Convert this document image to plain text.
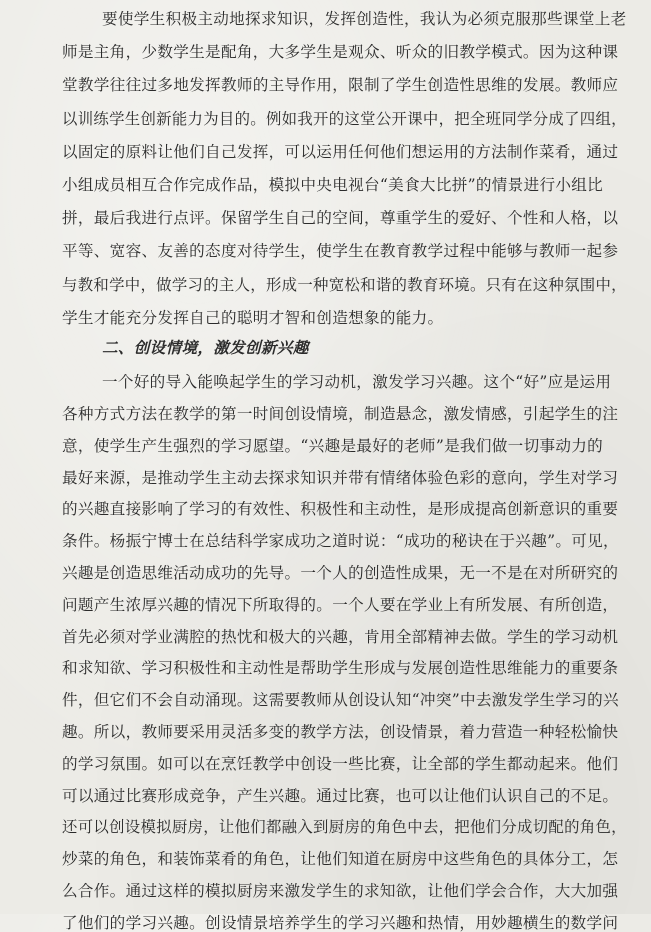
要使学生积极主动地探求知识，发挥创造性，我认为必须克服那些课堂上老
师是主角，少数学生是配角，大多学生是观众、听众的旧教学模式。因为这种课
堂教学往往过多地发挥教师的主导作用，限制了学生创造性思维的发展。教师应
以训练学生创新能力为目的。例如我开的这堂公开课中，把全班同学分成了四组，
以固定的原料让他们自己发挥，可以运用任何他们想运用的方法制作菜肴，通过
小组成员相互合作完成作品，模拟中央电视台“美食大比拼”的情景进行小组比
拼，最后我进行点评。保留学生自己的空间，尊重学生的爱好、个性和人格，以
平等、宽容、友善的态度对待学生，使学生在教育教学过程中能够与教师一起参
与教和学中，做学习的主人，形成一种宽松和谐的教育环境。只有在这种氛围中，
学生才能充分发挥自己的聪明才智和创造想象的能力。
二、创设情境，激发创新兴趣
一个好的导入能唤起学生的学习动机，激发学习兴趣。这个“好”应是运用
各种方式方法在教学的第一时间创设情境，制造悬念，激发情感，引起学生的注
意，使学生产生强烈的学习愿望。“兴趣是最好的老师”是我们做一切事动力的
最好来源，是推动学生主动去探求知识并带有情绪体验色彩的意向，学生对学习
的兴趣直接影响了学习的有效性、积极性和主动性，是形成提高创新意识的重要
条件。杨振宁博士在总结科学家成功之道时说：“成功的秘诀在于兴趣”。可见，
兴趣是创造思维活动成功的先导。一个人的创造性成果，无一不是在对所研究的
问题产生浓厚兴趣的情况下所取得的。一个人要在学业上有所发展、有所创造，
首先必须对学业满腔的热忱和极大的兴趣，肯用全部精神去做。学生的学习动机
和求知欲、学习积极性和主动性是帮助学生形成与发展创造性思维能力的重要条
件，但它们不会自动涌现。这需要教师从创设认知“冲突”中去激发学生学习的兴
趣。所以，教师要采用灵活多变的教学方法，创设情景，着力营造一种轻松愉快
的学习氛围。如可以在烹饪教学中创设一些比赛，让全部的学生都动起来。他们
可以通过比赛形成竞争，产生兴趣。通过比赛，也可以让他们认识自己的不足。
还可以创设模拟厨房，让他们都融入到厨房的角色中去，把他们分成切配的角色，
炒菜的角色，和装饰菜肴的角色，让他们知道在厨房中这些角色的具体分工，怎
么合作。通过这样的模拟厨房来激发学生的求知欲，让他们学会合作，大大加强
了他们的学习兴趣。创设情景培养学生的学习兴趣和热情，用妙趣横生的数学问
